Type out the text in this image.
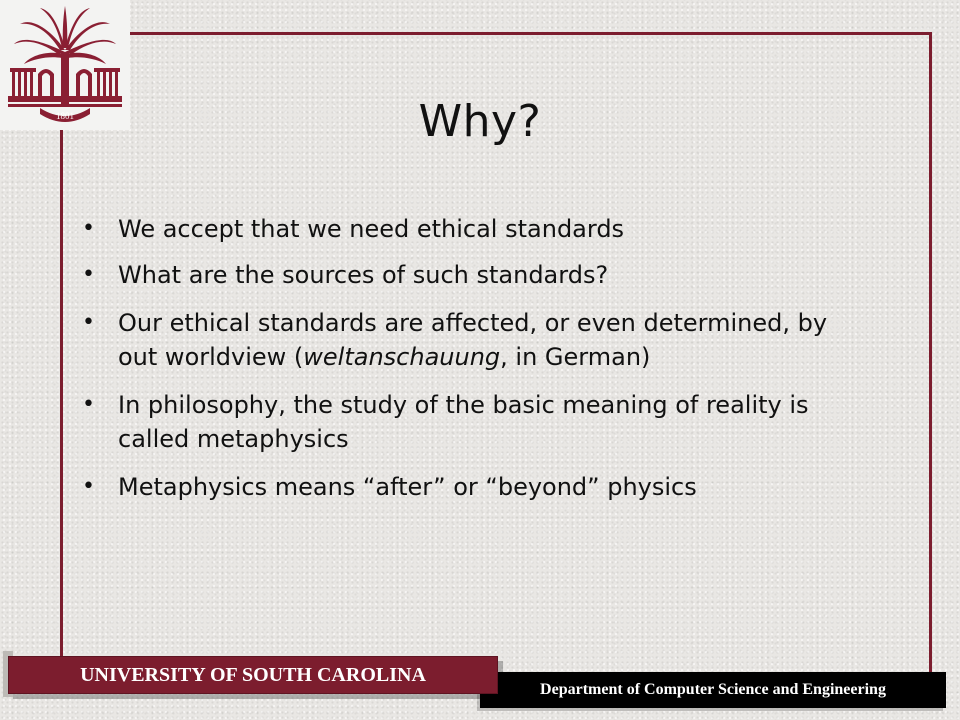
1801	Why?
• We accept that we need ethical standards
• What are the sources of such standards?
• Our ethical standards are affected, or even determined, by out worldview (weltanschauung, in German)
• In philosophy, the study of the basic meaning of reality is called metaphysics
• Metaphysics means “after” or “beyond” physics
Department of Computer Science and Engineering
UNIVERSITY OF SOUTH CAROLINA
